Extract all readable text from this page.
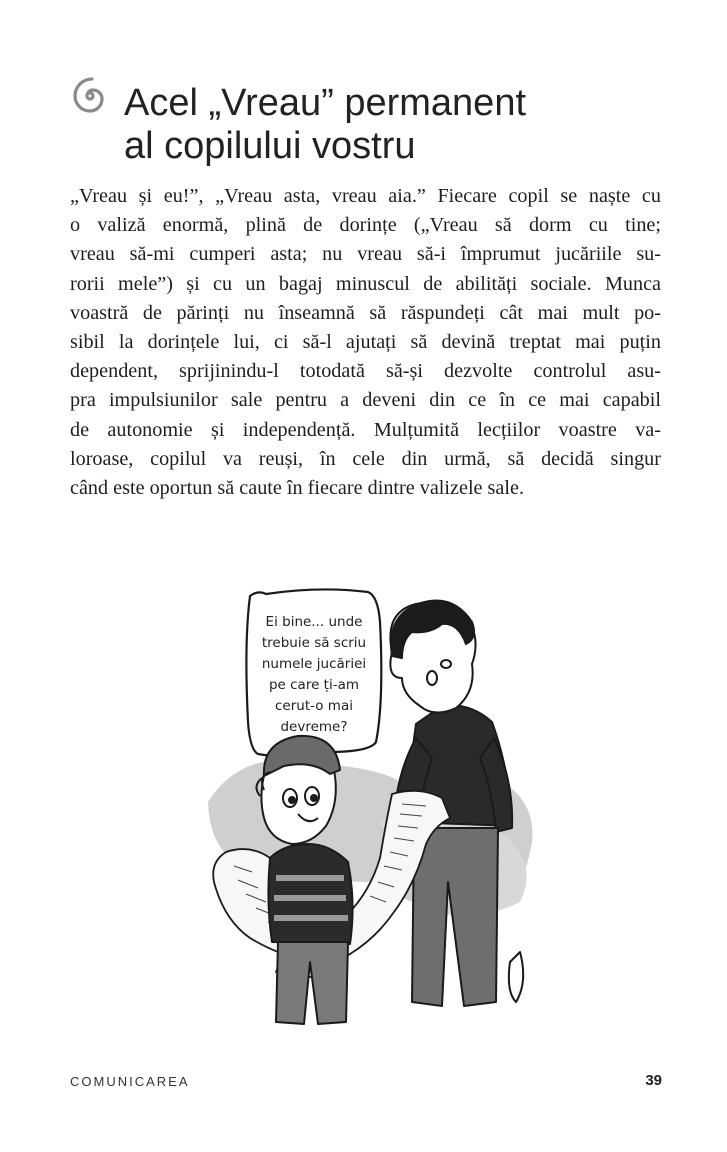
Acel „Vreau” permanent
al copilului vostru
„Vreau și eu!”, „Vreau asta, vreau aia.” Fiecare copil se naște cu
o valiză enormă, plină de dorințe („Vreau să dorm cu tine;
vreau să-mi cumperi asta; nu vreau să-i împrumut jucăriile su-
rorii mele”) și cu un bagaj minuscul de abilități sociale. Munca
voastră de părinți nu înseamnă să răspundeți cât mai mult po-
sibil la dorințele lui, ci să-l ajutați să devină treptat mai puțin
dependent, sprijinindu-l totodată să-și dezvolte controlul asu-
pra impulsiunilor sale pentru a deveni din ce în ce mai capabil
de autonomie și independență. Mulțumită lecțiilor voastre va-
loroase, copilul va reuși, în cele din urmă, să decidă singur
când este oportun să caute în fiecare dintre valizele sale.
Ei bine... unde
trebuie să scriu
numele jucăriei
pe care ți-am
cerut-o mai
devreme?
COMUNICAREA	39
